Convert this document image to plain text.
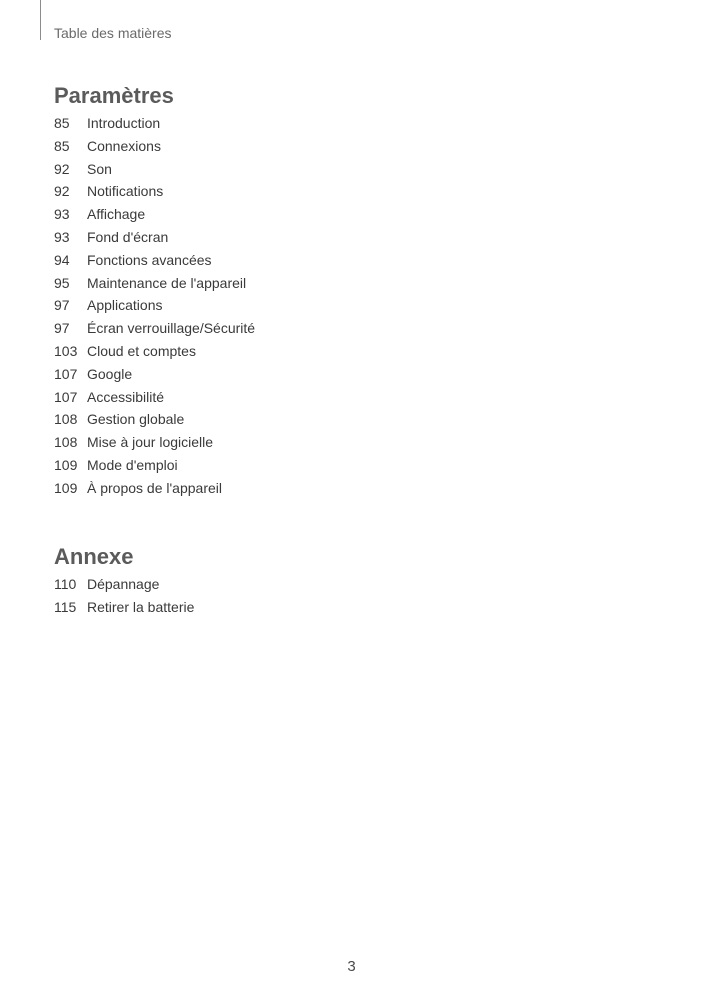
Table des matières
Paramètres
85	Introduction
85	Connexions
92	Son
92	Notifications
93	Affichage
93	Fond d'écran
94	Fonctions avancées
95	Maintenance de l'appareil
97	Applications
97	Écran verrouillage/Sécurité
103 Cloud et comptes
107 Google
107 Accessibilité
108 Gestion globale
108 Mise à jour logicielle
109 Mode d'emploi
109 À propos de l'appareil
Annexe
110 Dépannage
115 Retirer la batterie
3
